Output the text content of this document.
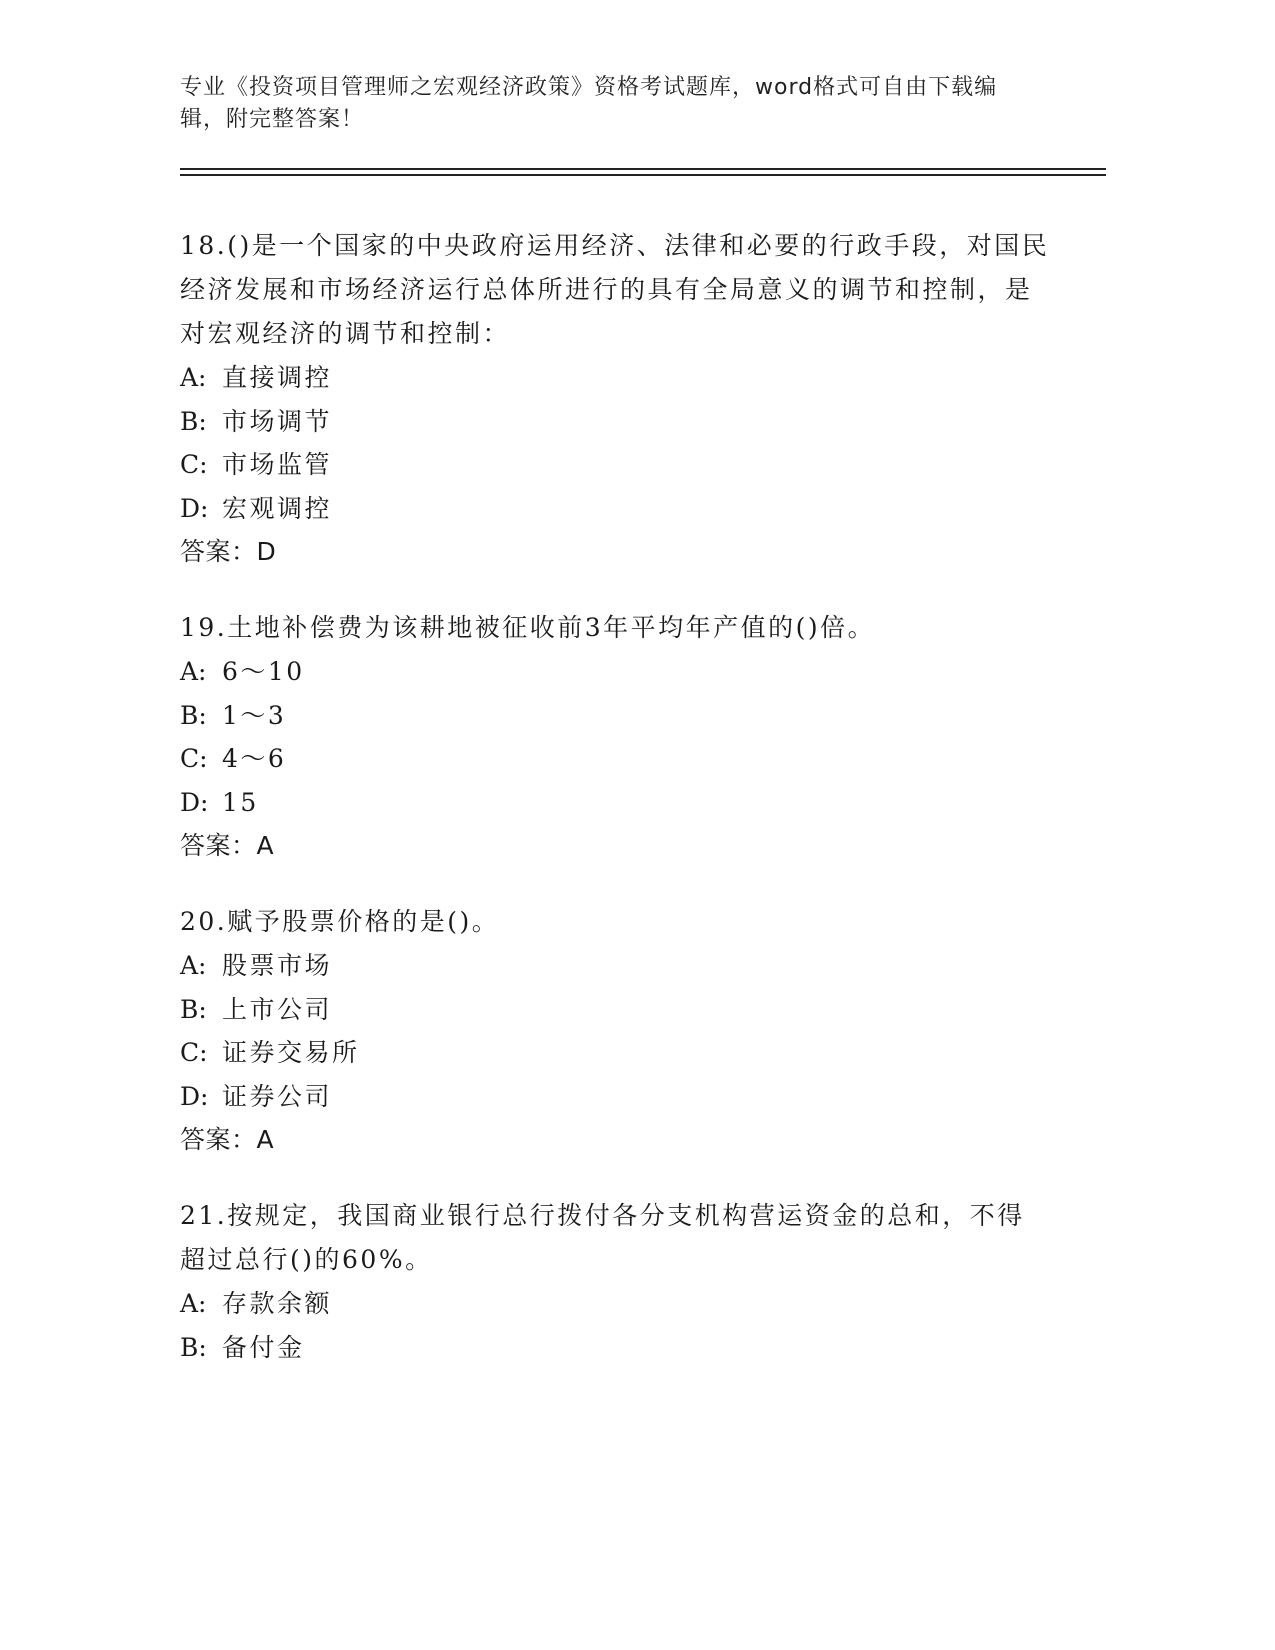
专业《投资项目管理师之宏观经济政策》资格考试题库，word格式可自由下载编辑，附完整答案！
18.()是一个国家的中央政府运用经济、法律和必要的行政手段，对国民经济发展和市场经济运行总体所进行的具有全局意义的调节和控制，是对宏观经济的调节和控制：
A: 直接调控
B: 市场调节
C: 市场监管
D: 宏观调控
答案：D
19.土地补偿费为该耕地被征收前3年平均年产值的()倍。
A: 6～10
B: 1～3
C: 4～6
D: 15
答案：A
20.赋予股票价格的是()。
A: 股票市场
B: 上市公司
C: 证券交易所
D: 证券公司
答案：A
21.按规定，我国商业银行总行拨付各分支机构营运资金的总和，不得超过总行()的60%。
A: 存款余额
B: 备付金
